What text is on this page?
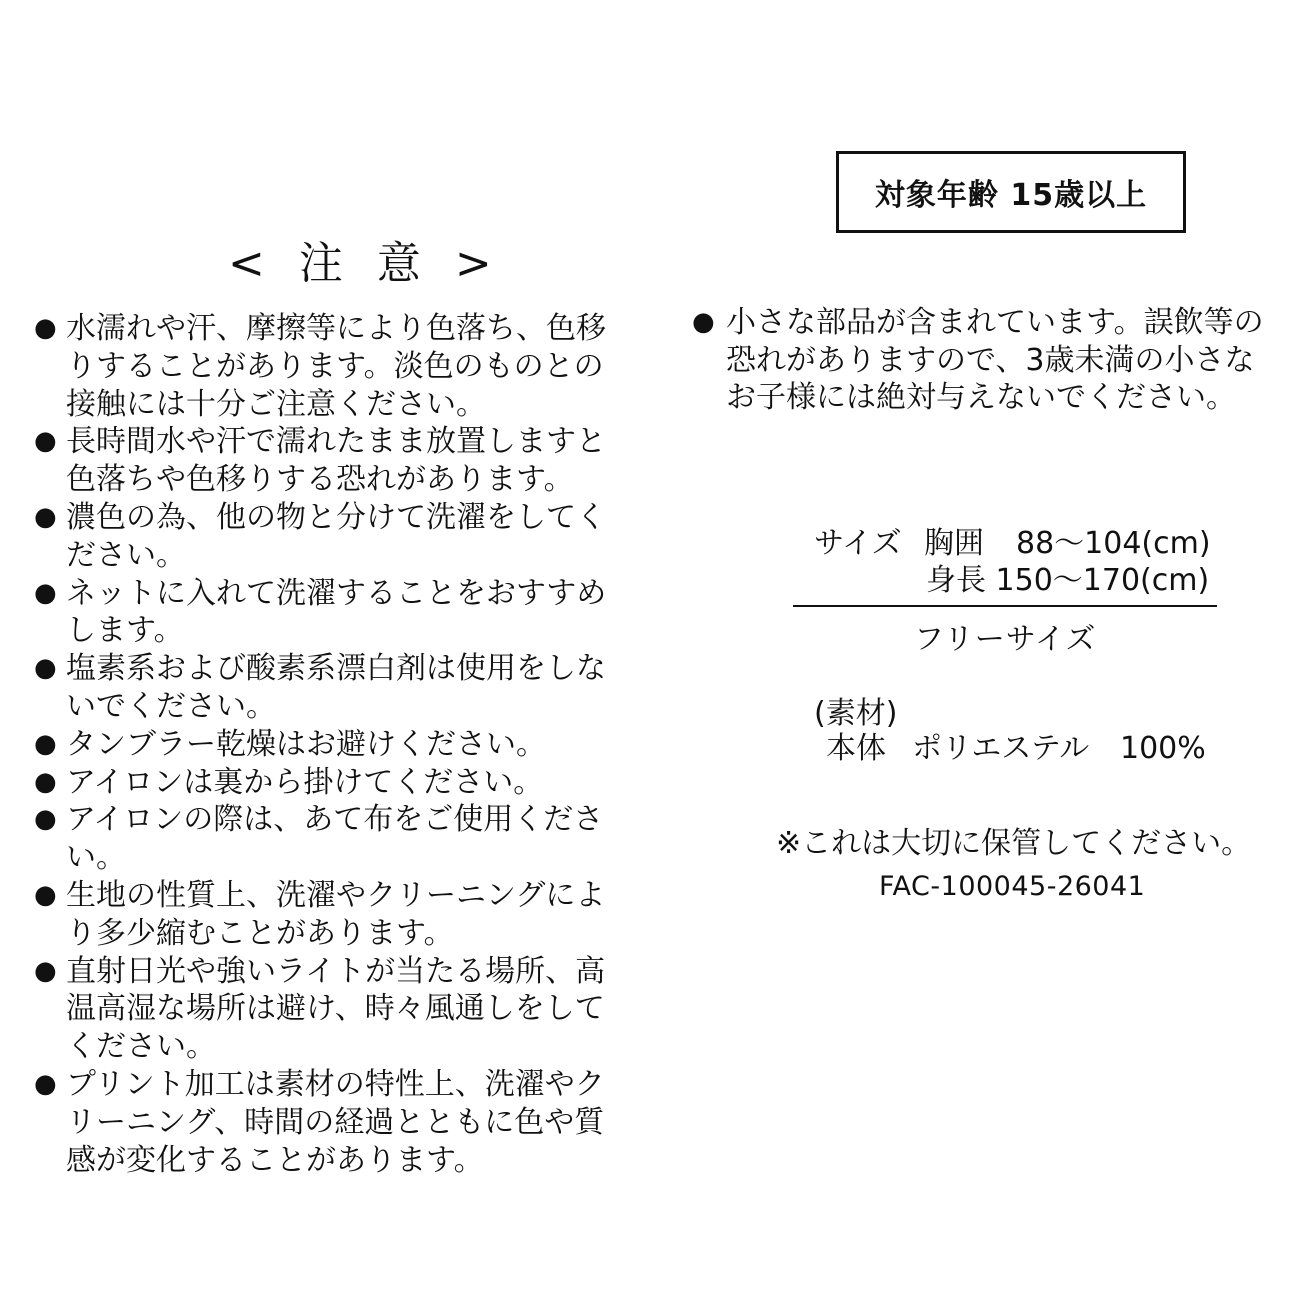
< 注 意 >
● 水濡れや汗、摩擦等により色落ち、色移
りすることがあります。淡色のものとの
接触には十分ご注意ください。
● 長時間水や汗で濡れたまま放置しますと
色落ちや色移りする恐れがあります。
● 濃色の為、他の物と分けて洗濯をしてく
ださい。
● ネットに入れて洗濯することをおすすめ
します。
● 塩素系および酸素系漂白剤は使用をしな
いでください。
● タンブラー乾燥はお避けください。
● アイロンは裏から掛けてください。
● アイロンの際は、あて布をご使用くださ
い。
● 生地の性質上、洗濯やクリーニングによ
り多少縮むことがあります。
● 直射日光や強いライトが当たる場所、高
温高湿な場所は避け、時々風通しをして
ください。
● プリント加工は素材の特性上、洗濯やク
リーニング、時間の経過とともに色や質
感が変化することがあります。
対象年齢 15歳以上
● 小さな部品が含まれています。誤飲等の
恐れがありますので、3歳未満の小さな
お子様には絶対与えないでください。
サイズ 胸囲 88～104(cm)
身長 150～170(cm)
フリーサイズ
(素材)
本体 ポリエステル 100%
※これは大切に保管してください。
FAC-100045-26041
